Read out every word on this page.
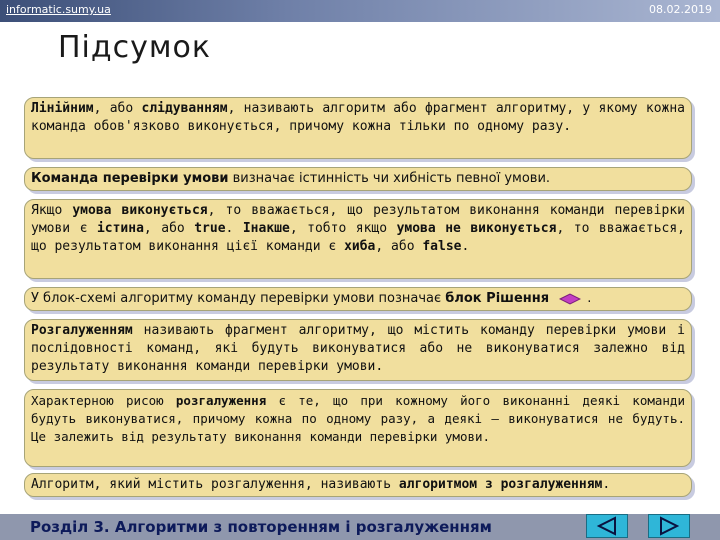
informatic.sumy.ua	08.02.2019
Підсумок
Лінійним, або слідуванням, називають алгоритм або фрагмент алгоритму, у якому кожна команда обов'язково виконується, причому кожна тільки по одному разу.
Команда перевірки умови визначає істинність чи хибність певної умови.
Якщо умова виконується, то вважається, що результатом виконання команди перевірки умови є істина, або true. Інакше, тобто якщо умова не виконується, то вважається, що результатом виконання цієї команди є хиба, або false.
У блок-схемі алгоритму команду перевірки умови позначає блок Рішення	.
Розгалуженням називають фрагмент алгоритму, що містить команду перевірки умови і послідовності команд, які будуть виконуватися або не виконуватися залежно від результату виконання команди перевірки умови.
Характерною рисою розгалуження є те, що при кожному його виконанні деякі команди будуть виконуватися, причому кожна по одному разу, а деякі — виконуватися не будуть. Це залежить від результату виконання команди перевірки умови.
Алгоритм, який містить розгалуження, називають алгоритмом з розгалуженням.
Розділ 3. Алгоритми з повторенням і розгалуженням
